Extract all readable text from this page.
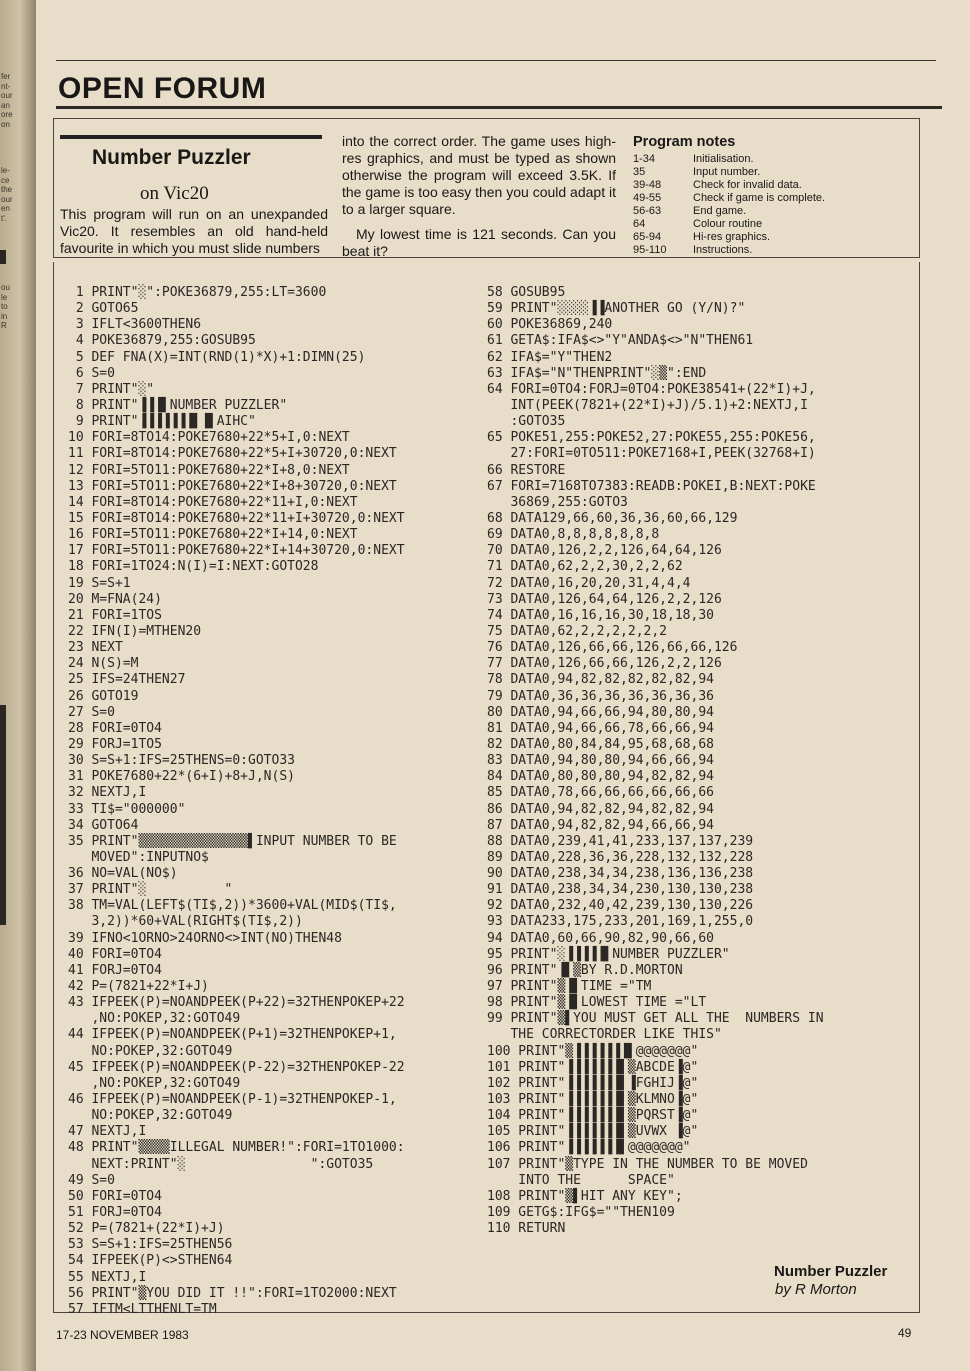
fer
nt-
our
an
ore
on
le-
ce
the
our
en
t'.
ou
le
to
in
R
OPEN FORUM
Number Puzzler

on Vic20

This program will run on an unexpanded Vic20. It resembles an old hand-held favourite in which you must slide numbers

into the correct order. The game uses high-res graphics, and must be typed as shown otherwise the program will exceed 3.5K. If the game is too easy then you could adapt it to a larger square.

My lowest time is 121 seconds. Can you beat it?

Program notes
1-34	Initialisation.
35	Input number.
39-48	Check for invalid data.
49-55	Check if game is complete.
56-63	End game.
64	Colour routine
65-94	Hi-res graphics.
95-110	Instructions.
1 PRINT"░":POKE36879,255:LT=3600
2 GOTO65
3 IFLT<3600THEN6
4 POKE36879,255:GOSUB95
5 DEF FNA(X)=INT(RND(1)*X)+1:DIMN(25)
6 S=0
7 PRINT"░"
8 PRINT"▐▐▐▌NUMBER PUZZLER"
9 PRINT"▐▐▐▐▐▐▐▌▐▌AIHC"
10 FORI=8TO14:POKE7680+22*5+I,0:NEXT
11 FORI=8TO14:POKE7680+22*5+I+30720,0:NEXT
12 FORI=5TO11:POKE7680+22*I+8,0:NEXT
13 FORI=5TO11:POKE7680+22*I+8+30720,0:NEXT
14 FORI=8TO14:POKE7680+22*11+I,0:NEXT
15 FORI=8TO14:POKE7680+22*11+I+30720,0:NEXT
16 FORI=5TO11:POKE7680+22*I+14,0:NEXT
17 FORI=5TO11:POKE7680+22*I+14+30720,0:NEXT
18 FORI=1TO24:N(I)=I:NEXT:GOTO28
19 S=S+1
20 M=FNA(24)
21 FORI=1TOS
22 IFN(I)=MTHEN20
23 NEXT
24 N(S)=M
25 IFS=24THEN27
26 GOTO19
27 S=0
28 FORI=0TO4
29 FORJ=1TO5
30 S=S+1:IFS=25THENS=0:GOTO33
31 POKE7680+22*(6+I)+8+J,N(S)
32 NEXTJ,I
33 TI$="000000"
34 GOTO64
35 PRINT"▒▒▒▒▒▒▒▒▒▒▒▒▒▒▌INPUT NUMBER TO BE
MOVED":INPUTNO$
36 NO=VAL(NO$)
37 PRINT"░          "
38 TM=VAL(LEFT$(TI$,2))*3600+VAL(MID$(TI$,
3,2))*60+VAL(RIGHT$(TI$,2))
39 IFNO<1ORNO>24ORNO<>INT(NO)THEN48
40 FORI=0TO4
41 FORJ=0TO4
42 P=(7821+22*I+J)
43 IFPEEK(P)=NOANDPEEK(P+22)=32THENPOKEP+22
,NO:POKEP,32:GOTO49
44 IFPEEK(P)=NOANDPEEK(P+1)=32THENPOKEP+1,
NO:POKEP,32:GOTO49
45 IFPEEK(P)=NOANDPEEK(P-22)=32THENPOKEP-22
,NO:POKEP,32:GOTO49
46 IFPEEK(P)=NOANDPEEK(P-1)=32THENPOKEP-1,
NO:POKEP,32:GOTO49
47 NEXTJ,I
48 PRINT"▒▒▒▒ILLEGAL NUMBER!":FORI=1TO1000:
NEXT:PRINT"░                ":GOTO35
49 S=0
50 FORI=0TO4
51 FORJ=0TO4
52 P=(7821+(22*I)+J)
53 S=S+1:IFS=25THEN56
54 IFPEEK(P)<>STHEN64
55 NEXTJ,I
56 PRINT"▒YOU DID IT !!":FORI=1TO2000:NEXT
57 IFTM<LTTHENLT=TM
58 GOSUB95
59 PRINT"░░░░▐▐ANOTHER GO (Y/N)?"
60 POKE36869,240
61 GETA$:IFA$<>"Y"ANDA$<>"N"THEN61
62 IFA$="Y"THEN2
63 IFA$="N"THENPRINT"░▒":END
64 FORI=0TO4:FORJ=0TO4:POKE38541+(22*I)+J,
INT(PEEK(7821+(22*I)+J)/5.1)+2:NEXTJ,I
:GOTO35
65 POKE51,255:POKE52,27:POKE55,255:POKE56,
27:FORI=0TO511:POKE7168+I,PEEK(32768+I)
66 RESTORE
67 FORI=7168TO7383:READB:POKEI,B:NEXT:POKE
36869,255:GOTO3
68 DATA129,66,60,36,36,60,66,129
69 DATA0,8,8,8,8,8,8,8
70 DATA0,126,2,2,126,64,64,126
71 DATA0,62,2,2,30,2,2,62
72 DATA0,16,20,20,31,4,4,4
73 DATA0,126,64,64,126,2,2,126
74 DATA0,16,16,16,30,18,18,30
75 DATA0,62,2,2,2,2,2,2
76 DATA0,126,66,66,126,66,66,126
77 DATA0,126,66,66,126,2,2,126
78 DATA0,94,82,82,82,82,82,94
79 DATA0,36,36,36,36,36,36,36
80 DATA0,94,66,66,94,80,80,94
81 DATA0,94,66,66,78,66,66,94
82 DATA0,80,84,84,95,68,68,68
83 DATA0,94,80,80,94,66,66,94
84 DATA0,80,80,80,94,82,82,94
85 DATA0,78,66,66,66,66,66,66
86 DATA0,94,82,82,94,82,82,94
87 DATA0,94,82,82,94,66,66,94
88 DATA0,239,41,41,233,137,137,239
89 DATA0,228,36,36,228,132,132,228
90 DATA0,238,34,34,238,136,136,238
91 DATA0,238,34,34,230,130,130,238
92 DATA0,232,40,42,239,130,130,226
93 DATA233,175,233,201,169,1,255,0
94 DATA0,60,66,90,82,90,66,60
95 PRINT"░▐▐▐▐▐▌NUMBER PUZZLER"
96 PRINT"▐▌▒BY R.D.MORTON
97 PRINT"▒▐▌TIME ="TM
98 PRINT"▒▐▌LOWEST TIME ="LT
99 PRINT"▒▌YOU MUST GET ALL THE  NUMBERS IN
THE CORRECTORDER LIKE THIS"
100 PRINT"▒▐▐▐▐▐▐▐▌@@@@@@@"
101 PRINT"▐▐▐▐▐▐▐▌▒ABCDE▐@"
102 PRINT"▐▐▐▐▐▐▐▌▐FGHIJ▐@"
103 PRINT"▐▐▐▐▐▐▐▌▒KLMNO▐@"
104 PRINT"▐▐▐▐▐▐▐▌▒PQRST▐@"
105 PRINT"▐▐▐▐▐▐▐▌▒UVWX ▐@"
106 PRINT"▐▐▐▐▐▐▐▌@@@@@@@"
107 PRINT"▒TYPE IN THE NUMBER TO BE MOVED
INTO THE      SPACE"
108 PRINT"▒▌HIT ANY KEY";
109 GETG$:IFG$=""THEN109
110 RETURN
Number Puzzler
by R Morton
17-23 NOVEMBER 1983	49
